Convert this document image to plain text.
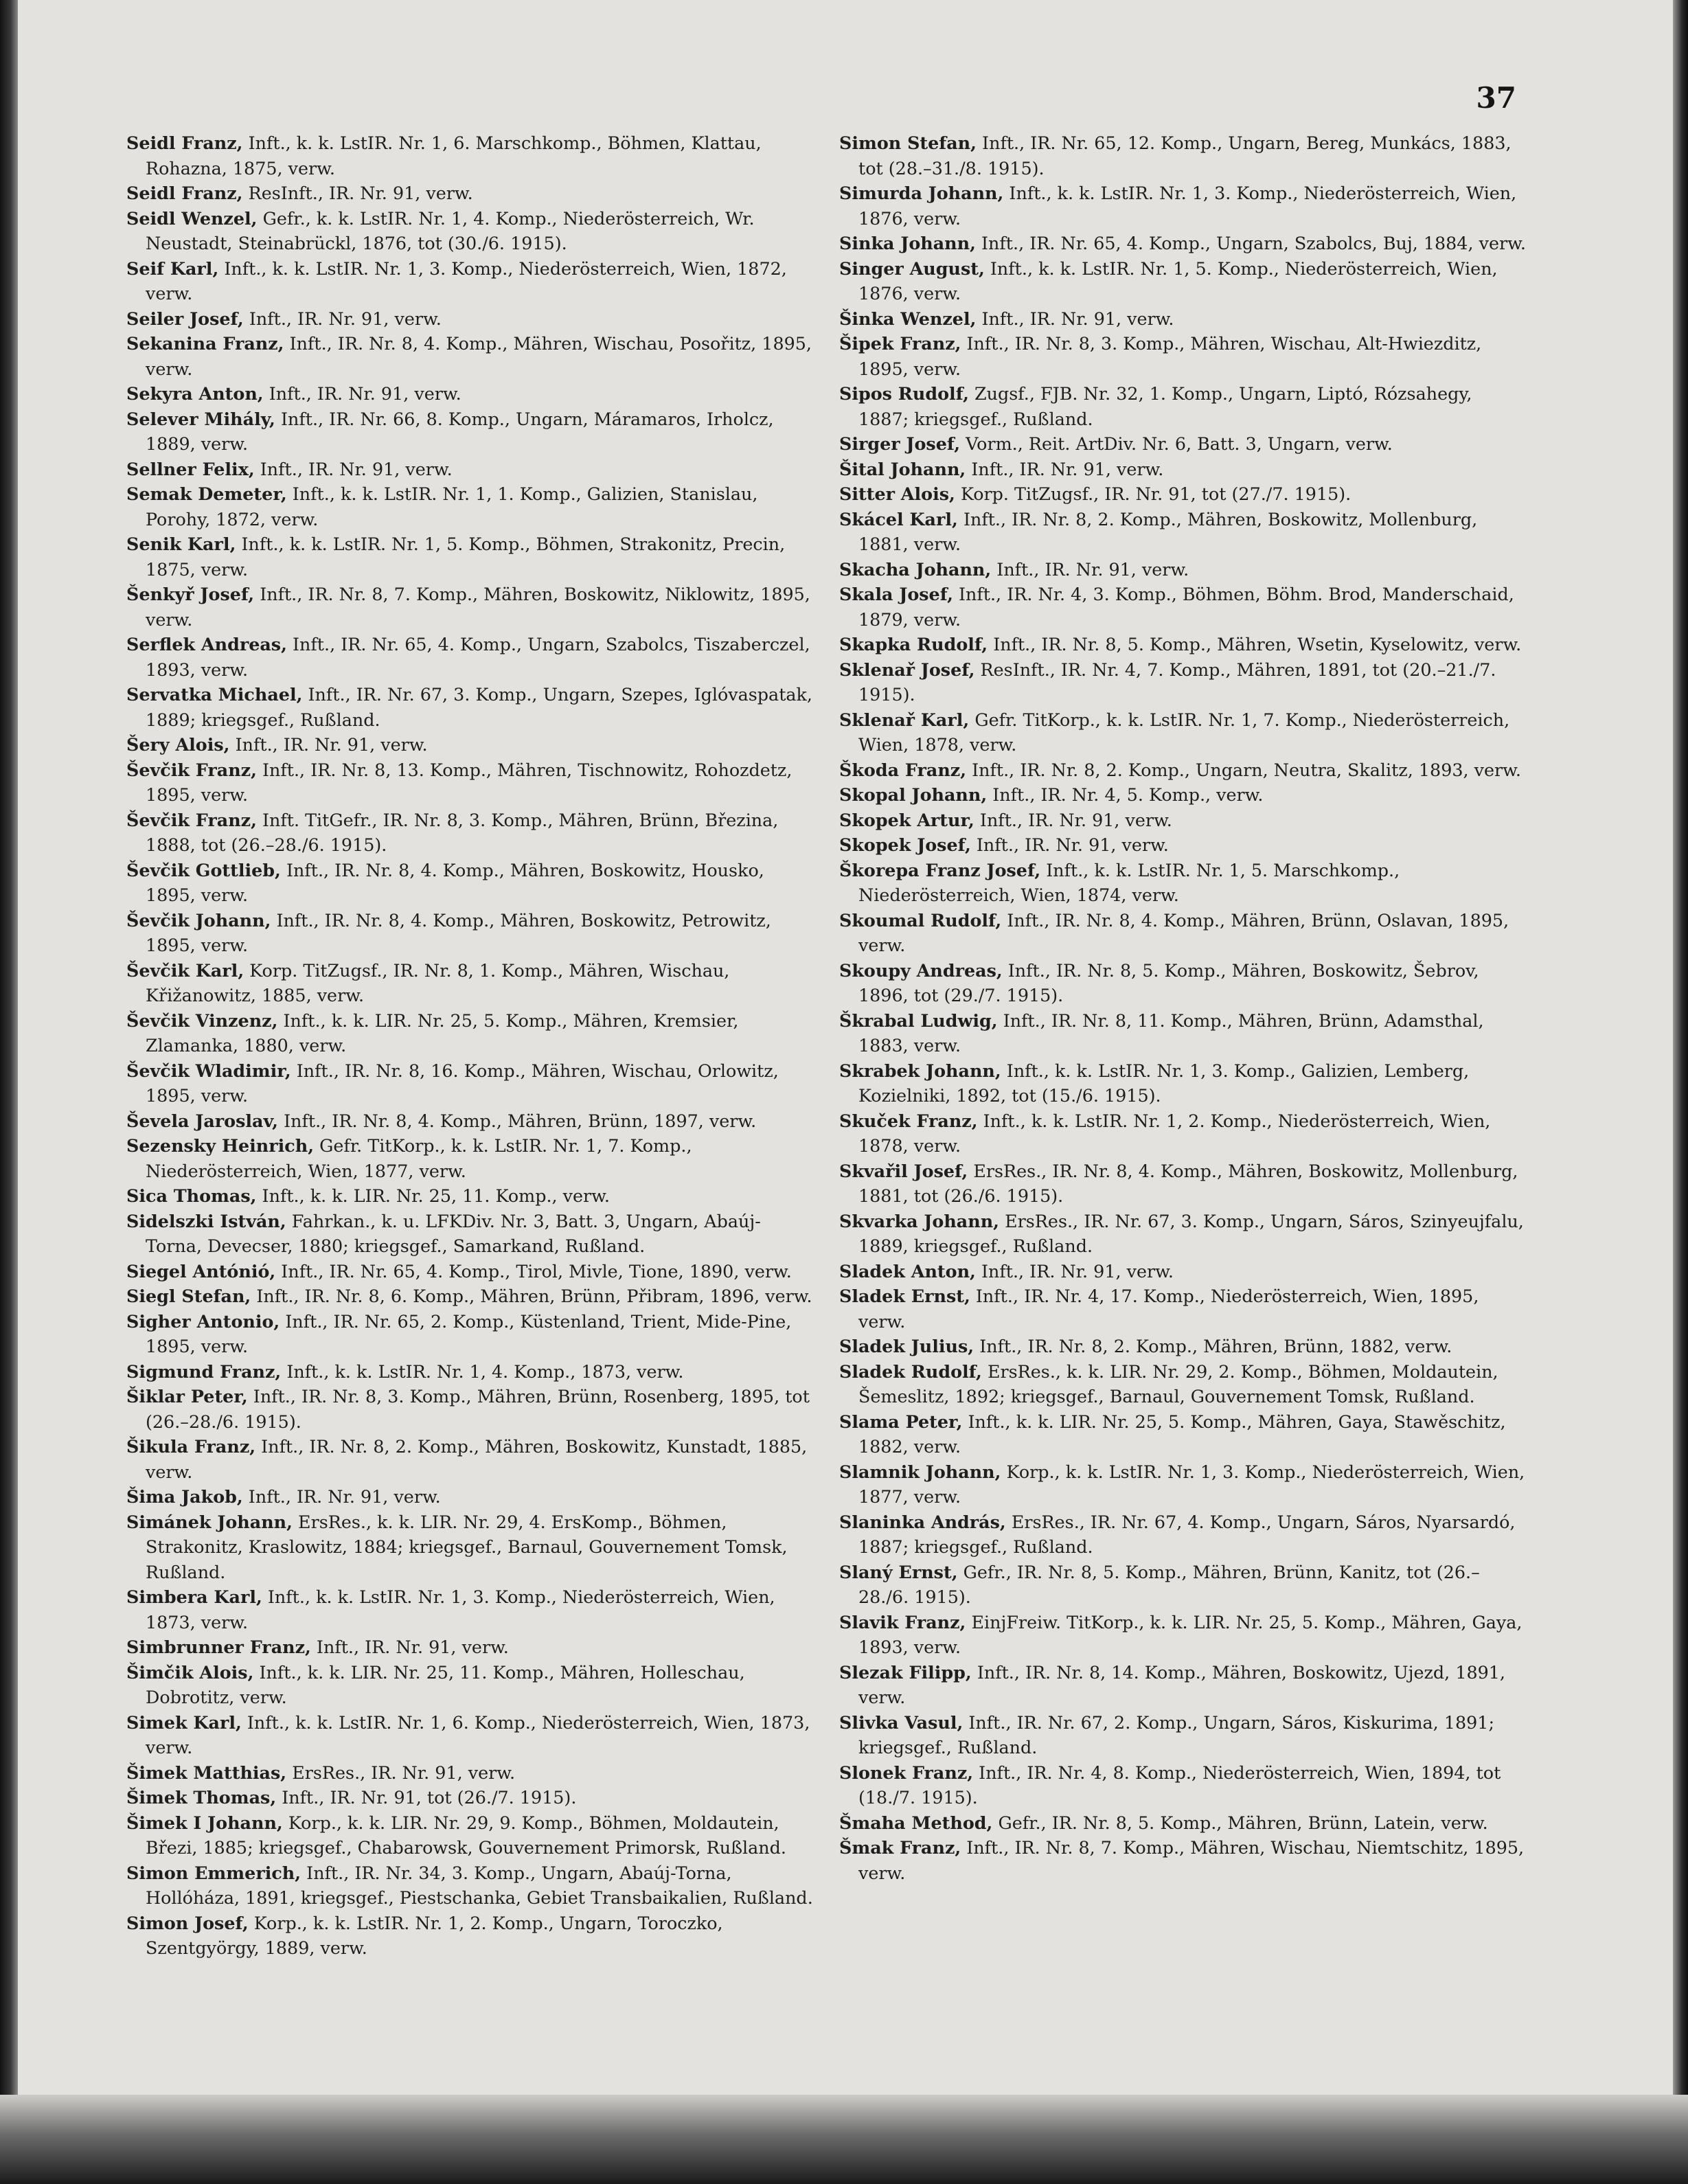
37

Seidl Franz, Inft., k. k. LstIR. Nr. 1, 6. Marschkomp., Böhmen, Klattau, Rohazna, 1875, verw.

Seidl Franz, ResInft., IR. Nr. 91, verw.

Seidl Wenzel, Gefr., k. k. LstIR. Nr. 1, 4. Komp., Niederösterreich, Wr. Neustadt, Steinabrückl, 1876, tot (30./6. 1915).

Seif Karl, Inft., k. k. LstIR. Nr. 1, 3. Komp., Niederösterreich, Wien, 1872, verw.

Seiler Josef, Inft., IR. Nr. 91, verw.

Sekanina Franz, Inft., IR. Nr. 8, 4. Komp., Mähren, Wischau, Posořitz, 1895, verw.

Sekyra Anton, Inft., IR. Nr. 91, verw.

Selever Mihály, Inft., IR. Nr. 66, 8. Komp., Ungarn, Máramaros, Irholcz, 1889, verw.

Sellner Felix, Inft., IR. Nr. 91, verw.

Semak Demeter, Inft., k. k. LstIR. Nr. 1, 1. Komp., Galizien, Stanislau, Porohy, 1872, verw.

Senik Karl, Inft., k. k. LstIR. Nr. 1, 5. Komp., Böhmen, Strakonitz, Precin, 1875, verw.

Šenkyř Josef, Inft., IR. Nr. 8, 7. Komp., Mähren, Boskowitz, Niklowitz, 1895, verw.

Serflek Andreas, Inft., IR. Nr. 65, 4. Komp., Ungarn, Szabolcs, Tiszaberczel, 1893, verw.

Servatka Michael, Inft., IR. Nr. 67, 3. Komp., Ungarn, Szepes, Iglóvaspatak, 1889; kriegsgef., Rußland.

Šery Alois, Inft., IR. Nr. 91, verw.

Ševčik Franz, Inft., IR. Nr. 8, 13. Komp., Mähren, Tischnowitz, Rohozdetz, 1895, verw.

Ševčik Franz, Inft. TitGefr., IR. Nr. 8, 3. Komp., Mähren, Brünn, Březina, 1888, tot (26.–28./6. 1915).

Ševčik Gottlieb, Inft., IR. Nr. 8, 4. Komp., Mähren, Boskowitz, Housko, 1895, verw.

Ševčik Johann, Inft., IR. Nr. 8, 4. Komp., Mähren, Boskowitz, Petrowitz, 1895, verw.

Ševčik Karl, Korp. TitZugsf., IR. Nr. 8, 1. Komp., Mähren, Wischau, Křižanowitz, 1885, verw.

Ševčik Vinzenz, Inft., k. k. LIR. Nr. 25, 5. Komp., Mähren, Kremsier, Zlamanka, 1880, verw.

Ševčik Wladimir, Inft., IR. Nr. 8, 16. Komp., Mähren, Wischau, Orlowitz, 1895, verw.

Ševela Jaroslav, Inft., IR. Nr. 8, 4. Komp., Mähren, Brünn, 1897, verw.

Sezensky Heinrich, Gefr. TitKorp., k. k. LstIR. Nr. 1, 7. Komp., Niederösterreich, Wien, 1877, verw.

Sica Thomas, Inft., k. k. LIR. Nr. 25, 11. Komp., verw.

Sidelszki István, Fahrkan., k. u. LFKDiv. Nr. 3, Batt. 3, Ungarn, Abaúj-Torna, Devecser, 1880; kriegsgef., Samarkand, Rußland.

Siegel Antónió, Inft., IR. Nr. 65, 4. Komp., Tirol, Mivle, Tione, 1890, verw.

Siegl Stefan, Inft., IR. Nr. 8, 6. Komp., Mähren, Brünn, Přibram, 1896, verw.

Sigher Antonio, Inft., IR. Nr. 65, 2. Komp., Küstenland, Trient, Mide-Pine, 1895, verw.

Sigmund Franz, Inft., k. k. LstIR. Nr. 1, 4. Komp., 1873, verw.

Šiklar Peter, Inft., IR. Nr. 8, 3. Komp., Mähren, Brünn, Rosenberg, 1895, tot (26.–28./6. 1915).

Šikula Franz, Inft., IR. Nr. 8, 2. Komp., Mähren, Boskowitz, Kunstadt, 1885, verw.

Šima Jakob, Inft., IR. Nr. 91, verw.

Simánek Johann, ErsRes., k. k. LIR. Nr. 29, 4. ErsKomp., Böhmen, Strakonitz, Kraslowitz, 1884; kriegsgef., Barnaul, Gouvernement Tomsk, Rußland.

Simbera Karl, Inft., k. k. LstIR. Nr. 1, 3. Komp., Niederösterreich, Wien, 1873, verw.

Simbrunner Franz, Inft., IR. Nr. 91, verw.

Šimčik Alois, Inft., k. k. LIR. Nr. 25, 11. Komp., Mähren, Holleschau, Dobrotitz, verw.

Simek Karl, Inft., k. k. LstIR. Nr. 1, 6. Komp., Niederösterreich, Wien, 1873, verw.

Šimek Matthias, ErsRes., IR. Nr. 91, verw.

Šimek Thomas, Inft., IR. Nr. 91, tot (26./7. 1915).

Šimek I Johann, Korp., k. k. LIR. Nr. 29, 9. Komp., Böhmen, Moldautein, Březi, 1885; kriegsgef., Chabarowsk, Gouvernement Primorsk, Rußland.

Simon Emmerich, Inft., IR. Nr. 34, 3. Komp., Ungarn, Abaúj-Torna, Hollóháza, 1891, kriegsgef., Piestschanka, Gebiet Transbaikalien, Rußland.

Simon Josef, Korp., k. k. LstIR. Nr. 1, 2. Komp., Ungarn, Toroczko, Szentgyörgy, 1889, verw.

Simon Stefan, Inft., IR. Nr. 65, 12. Komp., Ungarn, Bereg, Munkács, 1883, tot (28.–31./8. 1915).

Simurda Johann, Inft., k. k. LstIR. Nr. 1, 3. Komp., Niederösterreich, Wien, 1876, verw.

Sinka Johann, Inft., IR. Nr. 65, 4. Komp., Ungarn, Szabolcs, Buj, 1884, verw.

Singer August, Inft., k. k. LstIR. Nr. 1, 5. Komp., Niederösterreich, Wien, 1876, verw.

Šinka Wenzel, Inft., IR. Nr. 91, verw.

Šipek Franz, Inft., IR. Nr. 8, 3. Komp., Mähren, Wischau, Alt-Hwiezditz, 1895, verw.

Sipos Rudolf, Zugsf., FJB. Nr. 32, 1. Komp., Ungarn, Liptó, Rózsahegy, 1887; kriegsgef., Rußland.

Sirger Josef, Vorm., Reit. ArtDiv. Nr. 6, Batt. 3, Ungarn, verw.

Šital Johann, Inft., IR. Nr. 91, verw.

Sitter Alois, Korp. TitZugsf., IR. Nr. 91, tot (27./7. 1915).

Skácel Karl, Inft., IR. Nr. 8, 2. Komp., Mähren, Boskowitz, Mollenburg, 1881, verw.

Skacha Johann, Inft., IR. Nr. 91, verw.

Skala Josef, Inft., IR. Nr. 4, 3. Komp., Böhmen, Böhm. Brod, Manderschaid, 1879, verw.

Skapka Rudolf, Inft., IR. Nr. 8, 5. Komp., Mähren, Wsetin, Kyselowitz, verw.

Sklenař Josef, ResInft., IR. Nr. 4, 7. Komp., Mähren, 1891, tot (20.–21./7. 1915).

Sklenař Karl, Gefr. TitKorp., k. k. LstIR. Nr. 1, 7. Komp., Niederösterreich, Wien, 1878, verw.

Škoda Franz, Inft., IR. Nr. 8, 2. Komp., Ungarn, Neutra, Skalitz, 1893, verw.

Skopal Johann, Inft., IR. Nr. 4, 5. Komp., verw.

Skopek Artur, Inft., IR. Nr. 91, verw.

Skopek Josef, Inft., IR. Nr. 91, verw.

Škorepa Franz Josef, Inft., k. k. LstIR. Nr. 1, 5. Marschkomp., Niederösterreich, Wien, 1874, verw.

Skoumal Rudolf, Inft., IR. Nr. 8, 4. Komp., Mähren, Brünn, Oslavan, 1895, verw.

Skoupy Andreas, Inft., IR. Nr. 8, 5. Komp., Mähren, Boskowitz, Šebrov, 1896, tot (29./7. 1915).

Škrabal Ludwig, Inft., IR. Nr. 8, 11. Komp., Mähren, Brünn, Adamsthal, 1883, verw.

Skrabek Johann, Inft., k. k. LstIR. Nr. 1, 3. Komp., Galizien, Lemberg, Kozielniki, 1892, tot (15./6. 1915).

Skuček Franz, Inft., k. k. LstIR. Nr. 1, 2. Komp., Niederösterreich, Wien, 1878, verw.

Skvařil Josef, ErsRes., IR. Nr. 8, 4. Komp., Mähren, Boskowitz, Mollenburg, 1881, tot (26./6. 1915).

Skvarka Johann, ErsRes., IR. Nr. 67, 3. Komp., Ungarn, Sáros, Szinyeujfalu, 1889, kriegsgef., Rußland.

Sladek Anton, Inft., IR. Nr. 91, verw.

Sladek Ernst, Inft., IR. Nr. 4, 17. Komp., Niederösterreich, Wien, 1895, verw.

Sladek Julius, Inft., IR. Nr. 8, 2. Komp., Mähren, Brünn, 1882, verw.

Sladek Rudolf, ErsRes., k. k. LIR. Nr. 29, 2. Komp., Böhmen, Moldautein, Šemeslitz, 1892; kriegsgef., Barnaul, Gouvernement Tomsk, Rußland.

Slama Peter, Inft., k. k. LIR. Nr. 25, 5. Komp., Mähren, Gaya, Stawěschitz, 1882, verw.

Slamnik Johann, Korp., k. k. LstIR. Nr. 1, 3. Komp., Niederösterreich, Wien, 1877, verw.

Slaninka András, ErsRes., IR. Nr. 67, 4. Komp., Ungarn, Sáros, Nyarsardó, 1887; kriegsgef., Rußland.

Slaný Ernst, Gefr., IR. Nr. 8, 5. Komp., Mähren, Brünn, Kanitz, tot (26.–28./6. 1915).

Slavik Franz, EinjFreiw. TitKorp., k. k. LIR. Nr. 25, 5. Komp., Mähren, Gaya, 1893, verw.

Slezak Filipp, Inft., IR. Nr. 8, 14. Komp., Mähren, Boskowitz, Ujezd, 1891, verw.

Slivka Vasul, Inft., IR. Nr. 67, 2. Komp., Ungarn, Sáros, Kiskurima, 1891; kriegsgef., Rußland.

Slonek Franz, Inft., IR. Nr. 4, 8. Komp., Niederösterreich, Wien, 1894, tot (18./7. 1915).

Šmaha Method, Gefr., IR. Nr. 8, 5. Komp., Mähren, Brünn, Latein, verw.

Šmak Franz, Inft., IR. Nr. 8, 7. Komp., Mähren, Wischau, Niemtschitz, 1895, verw.
